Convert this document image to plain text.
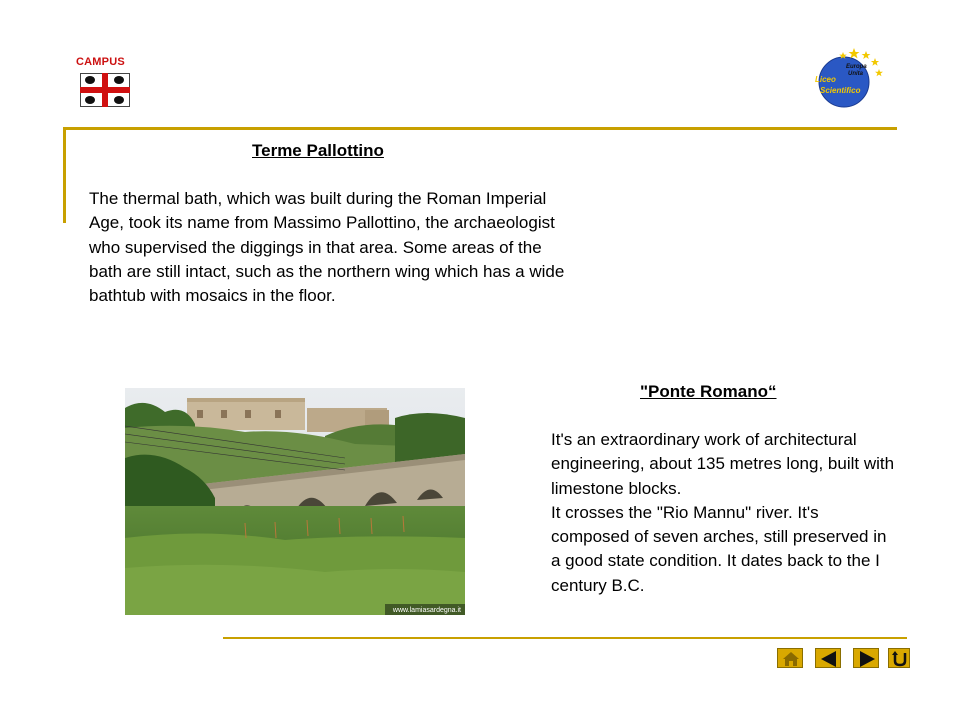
CAMPUS	Europa
Unita
Liceo
Scientifico
Terme Pallottino
The thermal bath, which was built during the Roman Imperial Age, took its name from Massimo Pallottino, the archaeologist who supervised the diggings in that area. Some areas of the bath are still intact, such as the northern wing which has a wide bathtub with mosaics in the floor.
www.lamiasardegna.it
"Ponte Romano“

It's an extraordinary work of architectural engineering, about 135 metres long, built with limestone blocks.

It crosses the "Rio Mannu" river. It's composed of seven arches, still preserved in a good state condition. It dates back to the I century B.C.
